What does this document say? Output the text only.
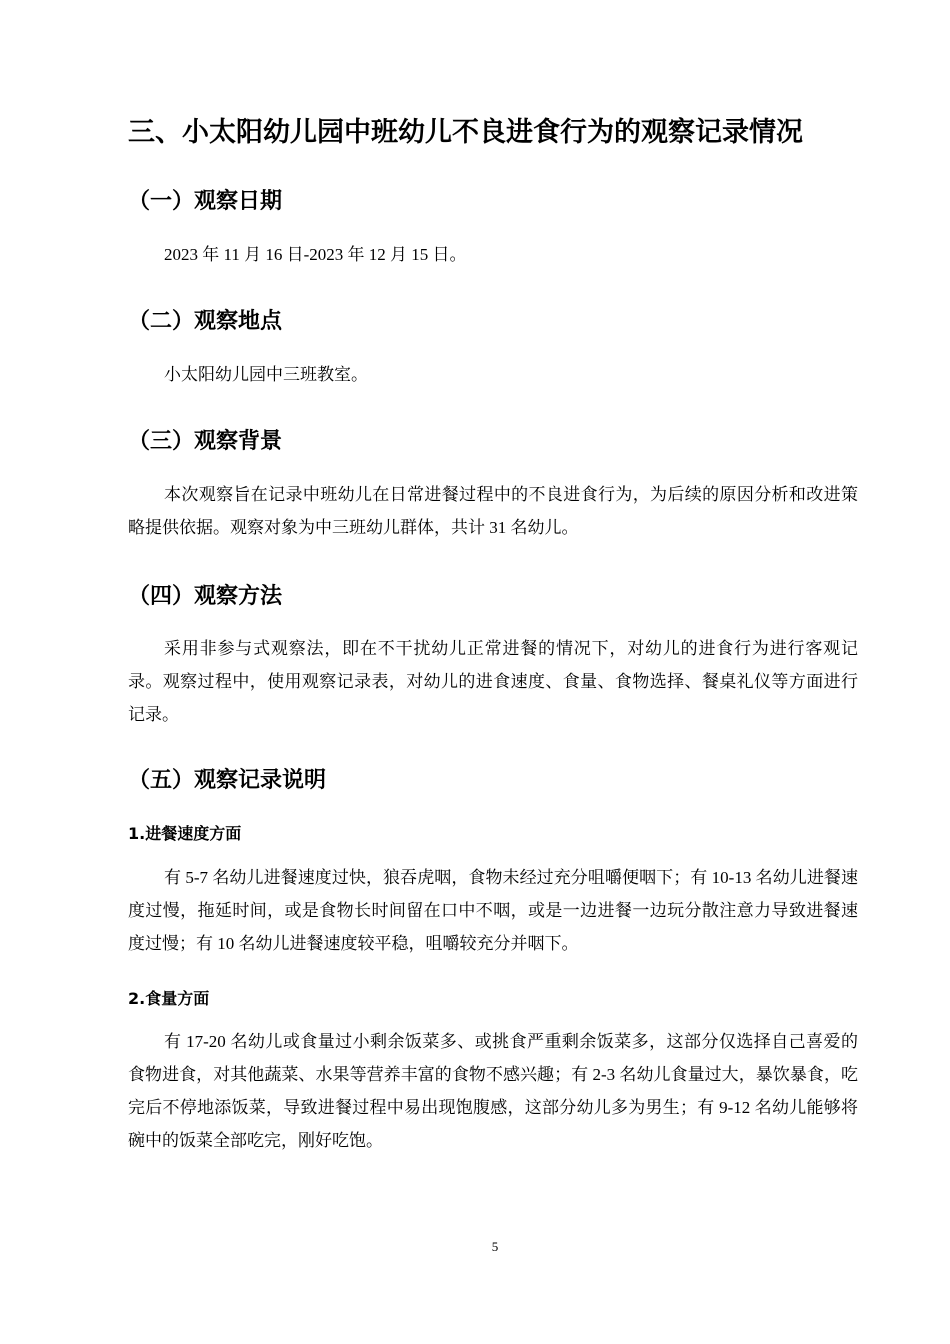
三、小太阳幼儿园中班幼儿不良进食行为的观察记录情况
（一）观察日期

2023 年 11 月 16 日-2023 年 12 月 15 日。

（二）观察地点

小太阳幼儿园中三班教室。

（三）观察背景

本次观察旨在记录中班幼儿在日常进餐过程中的不良进食行为，为后续的原因分析和改进策略提供依据。观察对象为中三班幼儿群体，共计 31 名幼儿。

（四）观察方法

采用非参与式观察法，即在不干扰幼儿正常进餐的情况下，对幼儿的进食行为进行客观记录。观察过程中，使用观察记录表，对幼儿的进食速度、食量、食物选择、餐桌礼仪等方面进行记录。

（五）观察记录说明
1.进餐速度方面

有 5-7 名幼儿进餐速度过快，狼吞虎咽，食物未经过充分咀嚼便咽下；有 10-13 名幼儿进餐速度过慢，拖延时间，或是食物长时间留在口中不咽，或是一边进餐一边玩分散注意力导致进餐速度过慢；有 10 名幼儿进餐速度较平稳，咀嚼较充分并咽下。

2.食量方面

有 17-20 名幼儿或食量过小剩余饭菜多、或挑食严重剩余饭菜多，这部分仅选择自己喜爱的食物进食，对其他蔬菜、水果等营养丰富的食物不感兴趣；有 2-3 名幼儿食量过大，暴饮暴食，吃完后不停地添饭菜，导致进餐过程中易出现饱腹感，这部分幼儿多为男生；有 9-12 名幼儿能够将碗中的饭菜全部吃完，刚好吃饱。

5
